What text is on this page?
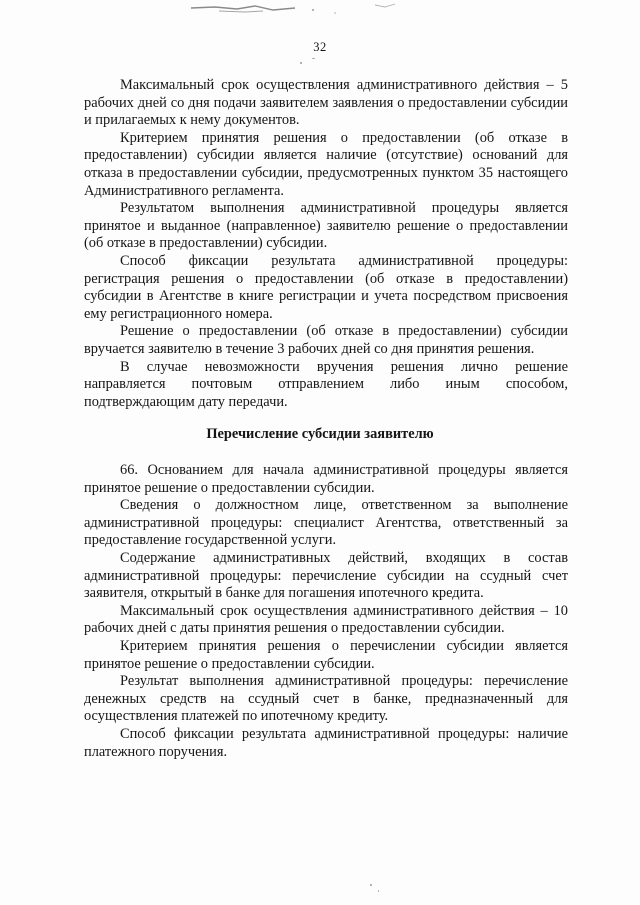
32

Максимальный срок осуществления административного действия – 5 рабочих дней со дня подачи заявителем заявления о предоставлении субсидии и прилагаемых к нему документов.

Критерием принятия решения о предоставлении (об отказе в предоставлении) субсидии является наличие (отсутствие) оснований для отказа в предоставлении субсидии, предусмотренных пунктом 35 настоящего Административного регламента.

Результатом выполнения административной процедуры является принятое и выданное (направленное) заявителю решение о предоставлении (об отказе в предоставлении) субсидии.

Способ фиксации результата административной процедуры: регистрация решения о предоставлении (об отказе в предоставлении) субсидии в Агентстве в книге регистрации и учета посредством присвоения ему регистрационного номера.

Решение о предоставлении (об отказе в предоставлении) субсидии вручается заявителю в течение 3 рабочих дней со дня принятия решения.

В случае невозможности вручения решения лично решение направляется почтовым отправлением либо иным способом, подтверждающим дату передачи.

Перечисление субсидии заявителю

66. Основанием для начала административной процедуры является принятое решение о предоставлении субсидии.

Сведения о должностном лице, ответственном за выполнение административной процедуры: специалист Агентства, ответственный за предоставление государственной услуги.

Содержание административных действий, входящих в состав административной процедуры: перечисление субсидии на ссудный счет заявителя, открытый в банке для погашения ипотечного кредита.

Максимальный срок осуществления административного действия – 10 рабочих дней с даты принятия решения о предоставлении субсидии.

Критерием принятия решения о перечислении субсидии является принятое решение о предоставлении субсидии.

Результат выполнения административной процедуры: перечисление денежных средств на ссудный счет в банке, предназначенный для осуществления платежей по ипотечному кредиту.

Способ фиксации результата административной процедуры: наличие платежного поручения.
